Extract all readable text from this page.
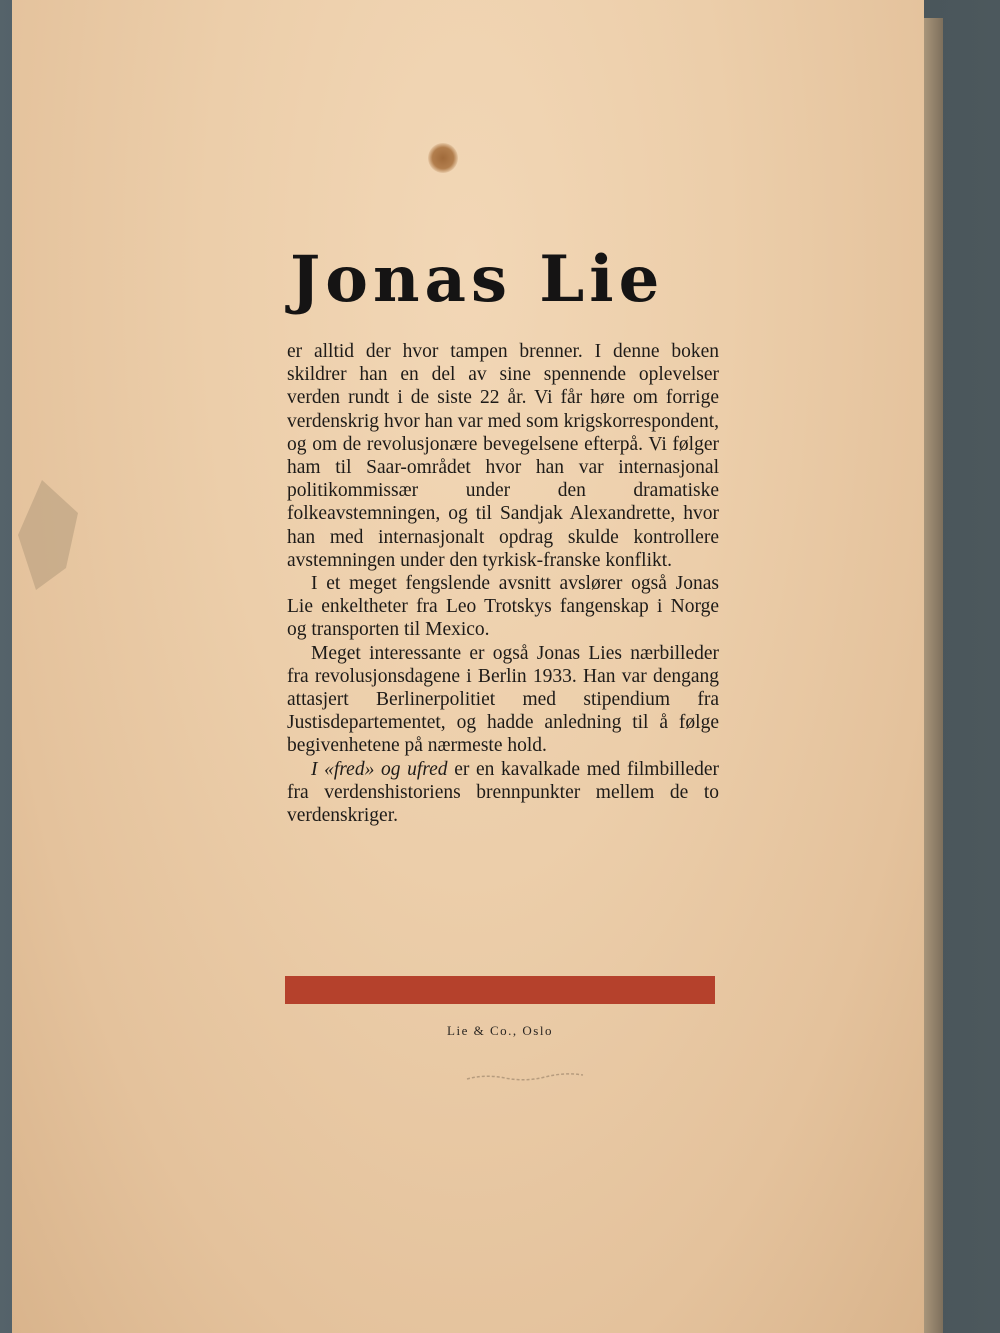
Jonas Lie

er alltid der hvor tampen brenner. I denne boken skildrer han en del av sine spennende oplevelser verden rundt i de siste 22 år. Vi får høre om forrige verdenskrig hvor han var med som krigskorrespondent, og om de revolusjonære bevegelsene efterpå. Vi følger ham til Saar-området hvor han var internasjonal politikommissær under den dramatiske folkeavstemningen, og til Sandjak Alexandrette, hvor han med internasjonalt opdrag skulde kontrollere avstemningen under den tyrkisk-franske konflikt.

I et meget fengslende avsnitt avslører også Jonas Lie enkeltheter fra Leo Trotskys fangenskap i Norge og transporten til Mexico.

Meget interessante er også Jonas Lies nærbilleder fra revolusjonsdagene i Berlin 1933. Han var dengang attasjert Berlinerpolitiet med stipendium fra Justisdepartementet, og hadde anledning til å følge begivenhetene på nærmeste hold.

I «fred» og ufred er en kavalkade med filmbilleder fra verdenshistoriens brennpunkter mellem de to verdenskriger.

Lie & Co., Oslo
